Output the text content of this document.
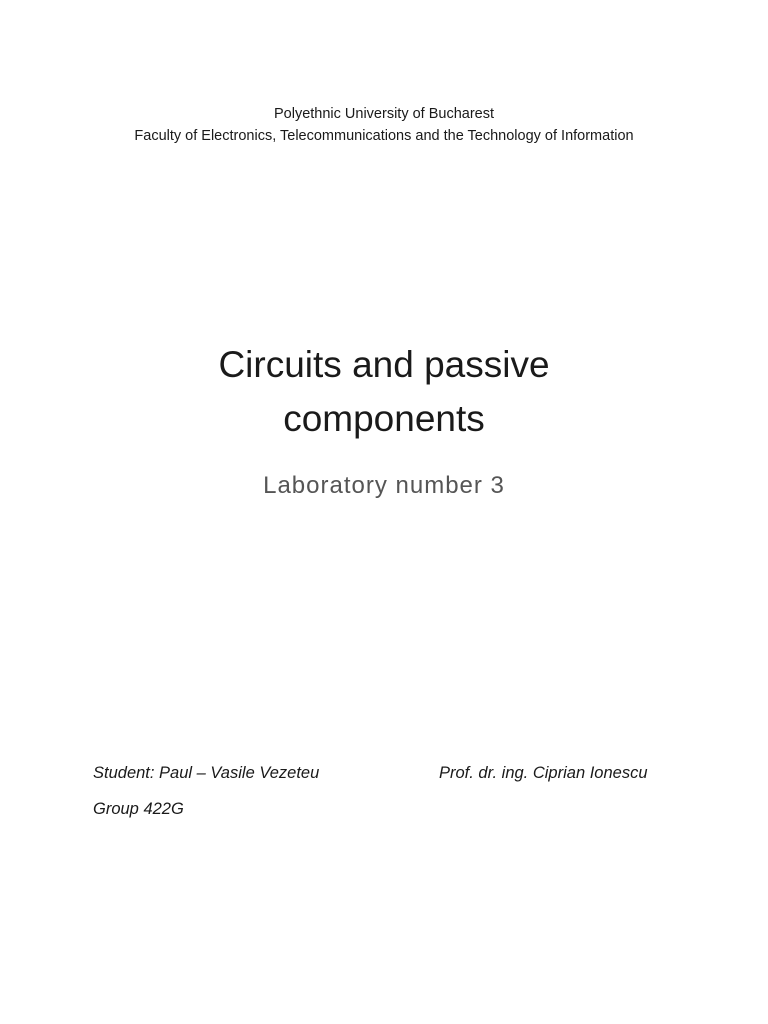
Polyethnic University of Bucharest
Faculty of Electronics, Telecommunications and the Technology of Information
Circuits and passive
components
Laboratory number 3
Student: Paul – Vasile Vezeteu	Prof. dr. ing. Ciprian Ionescu
Group 422G
